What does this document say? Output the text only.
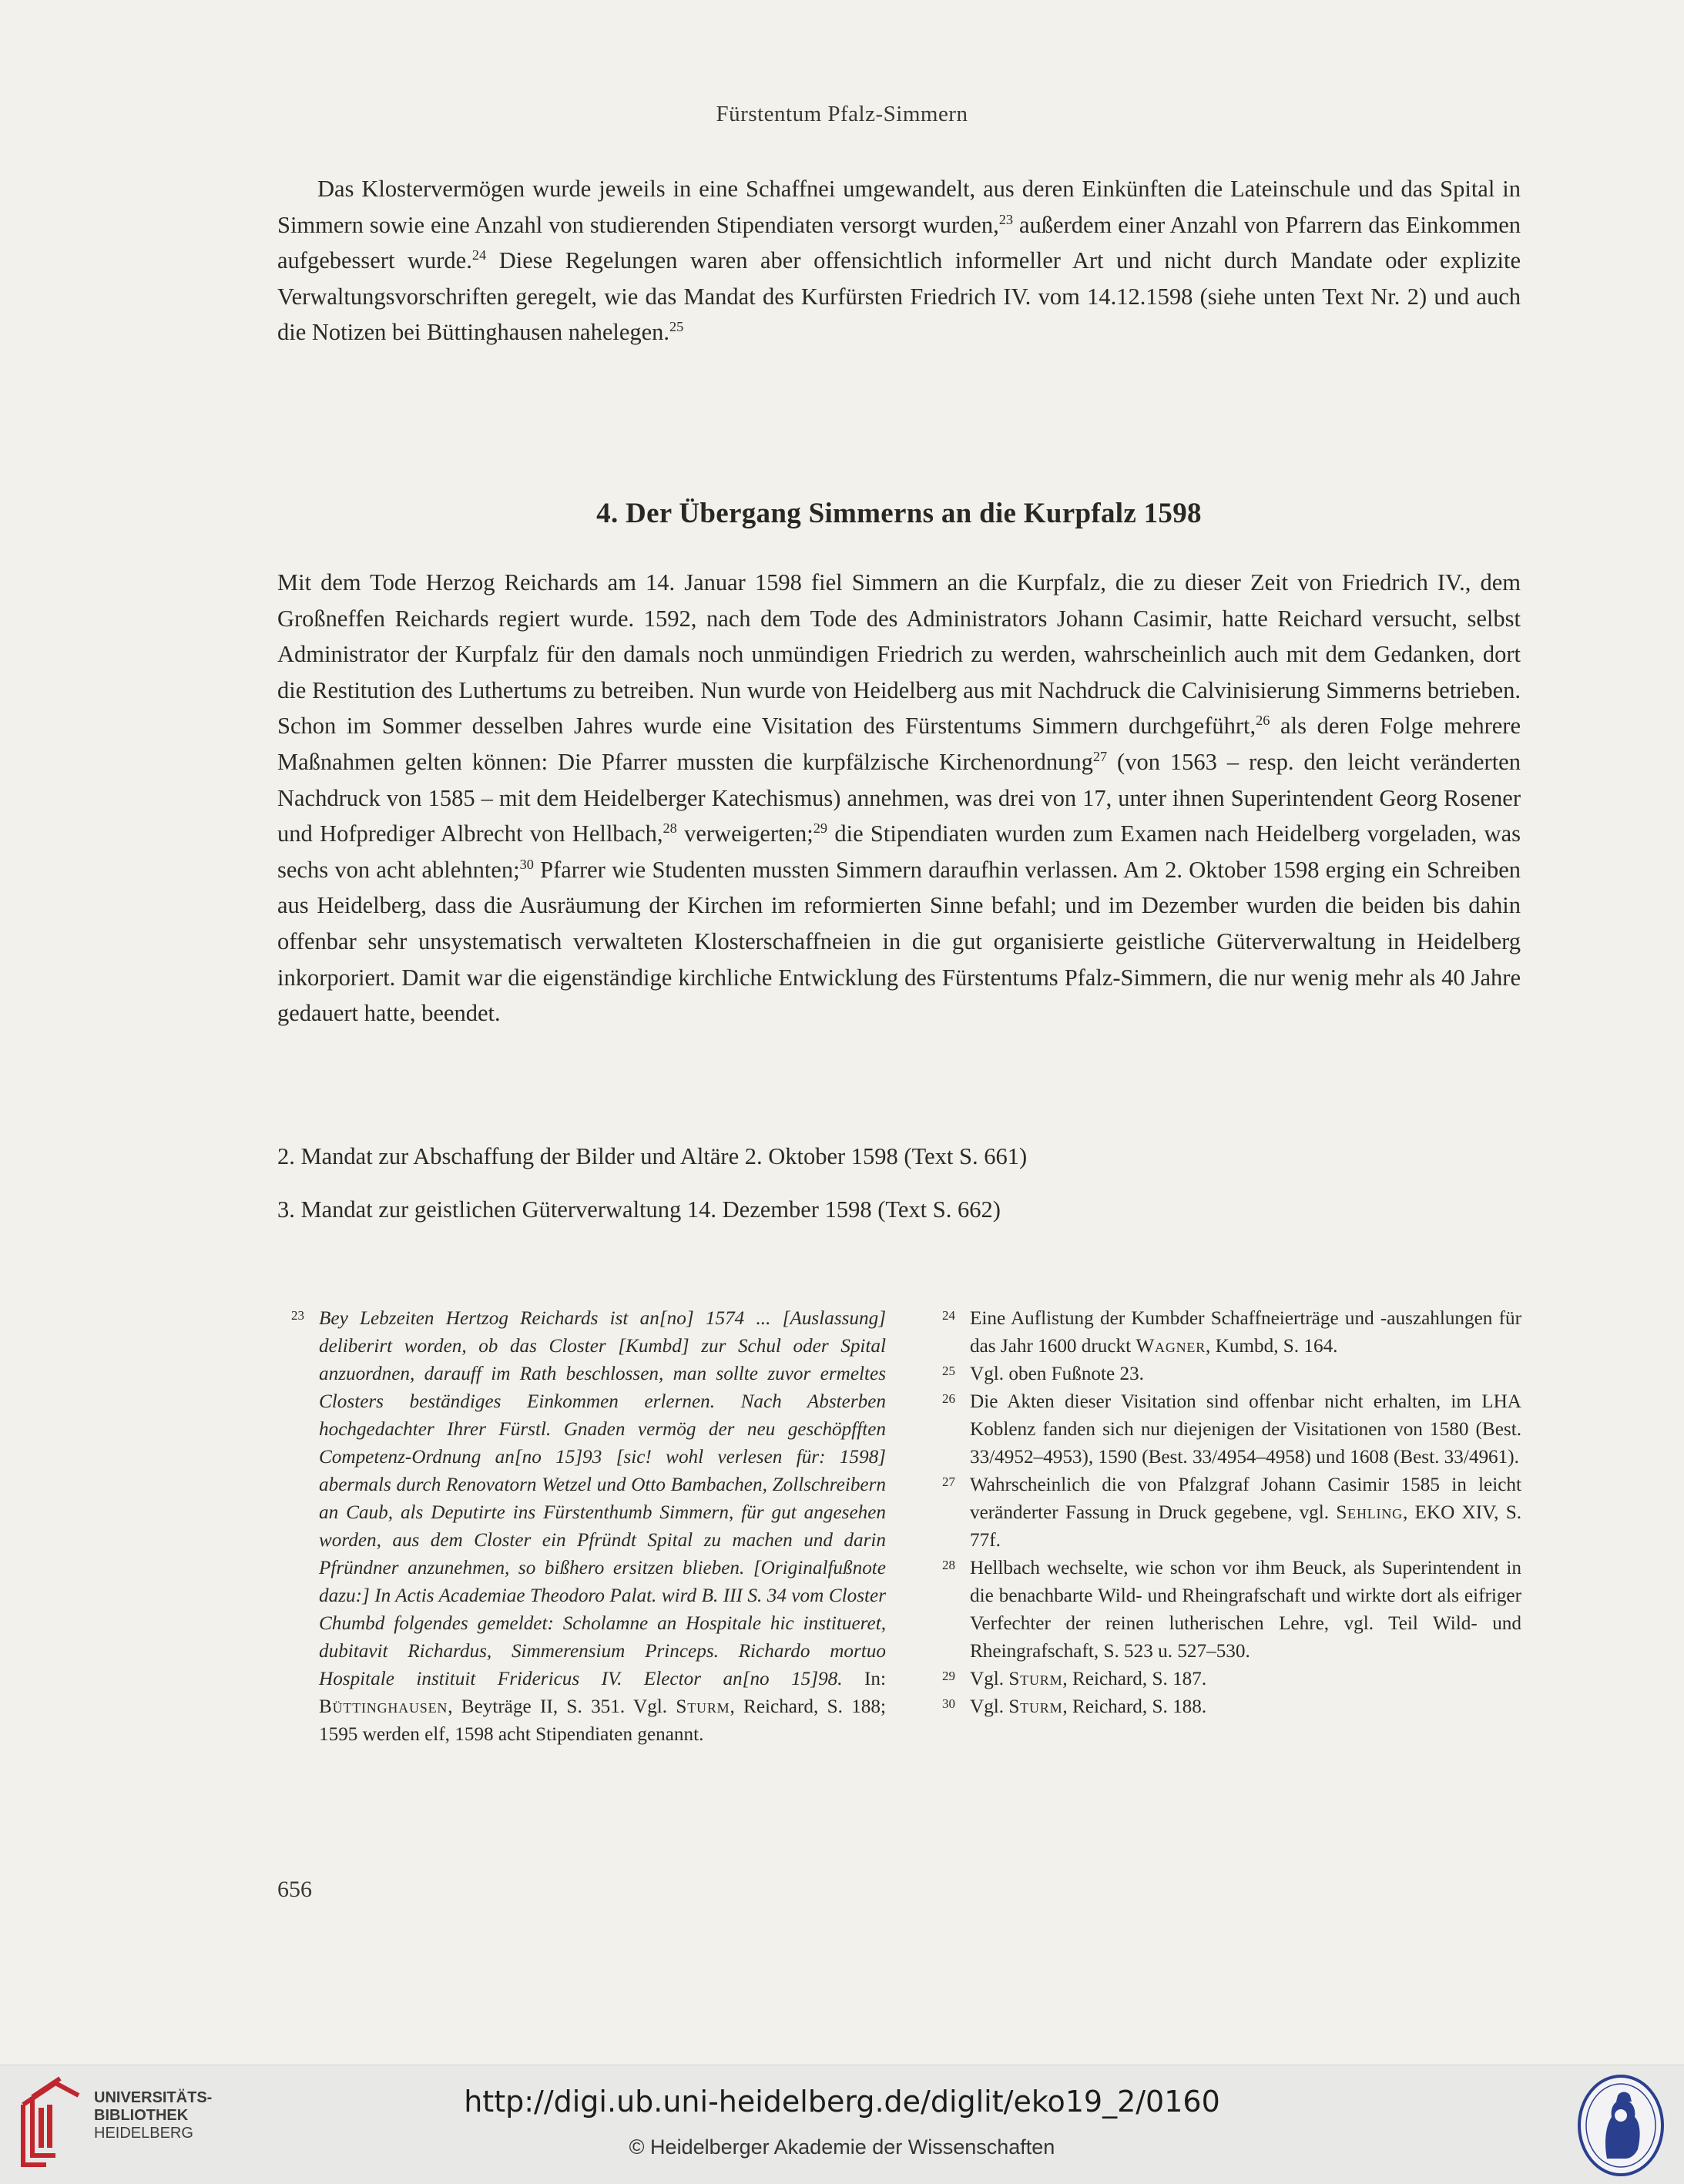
Fürstentum Pfalz-Simmern

Das Klostervermögen wurde jeweils in eine Schaffnei umgewandelt, aus deren Einkünften die Lateinschule und das Spital in Simmern sowie eine Anzahl von studierenden Stipendiaten versorgt wurden,$^{23}$ außerdem einer Anzahl von Pfarrern das Einkommen aufgebessert wurde.$^{24}$ Diese Regelungen waren aber offensichtlich informeller Art und nicht durch Mandate oder explizite Verwaltungsvorschriften geregelt, wie das Mandat des Kurfürsten Friedrich IV. vom 14.12.1598 (siehe unten Text Nr. 2) und auch die Notizen bei Büttinghausen nahelegen.$^{25}$

4. Der Übergang Simmerns an die Kurpfalz 1598

Mit dem Tode Herzog Reichards am 14. Januar 1598 fiel Simmern an die Kurpfalz, die zu dieser Zeit von Friedrich IV., dem Großneffen Reichards regiert wurde. 1592, nach dem Tode des Administrators Johann Casimir, hatte Reichard versucht, selbst Administrator der Kurpfalz für den damals noch unmündigen Friedrich zu werden, wahrscheinlich auch mit dem Gedanken, dort die Restitution des Luthertums zu betreiben. Nun wurde von Heidelberg aus mit Nachdruck die Calvinisierung Simmerns betrieben. Schon im Sommer desselben Jahres wurde eine Visitation des Fürstentums Simmern durchgeführt,$^{26}$ als deren Folge mehrere Maßnahmen gelten können: Die Pfarrer mussten die kurpfälzische Kirchenordnung$^{27}$ (von 1563 – resp. den leicht veränderten Nachdruck von 1585 – mit dem Heidelberger Katechismus) annehmen, was drei von 17, unter ihnen Superintendent Georg Rosener und Hofprediger Albrecht von Hellbach,$^{28}$ verweigerten;$^{29}$ die Stipendiaten wurden zum Examen nach Heidelberg vorgeladen, was sechs von acht ablehnten;$^{30}$ Pfarrer wie Studenten mussten Simmern daraufhin verlassen. Am 2. Oktober 1598 erging ein Schreiben aus Heidelberg, dass die Ausräumung der Kirchen im reformierten Sinne befahl; und im Dezember wurden die beiden bis dahin offenbar sehr unsystematisch verwalteten Klosterschaffneien in die gut organisierte geistliche Güterverwaltung in Heidelberg inkorporiert. Damit war die eigenständige kirchliche Entwicklung des Fürstentums Pfalz-Simmern, die nur wenig mehr als 40 Jahre gedauert hatte, beendet.

2. Mandat zur Abschaffung der Bilder und Altäre 2. Oktober 1598 (Text S. 661)

3. Mandat zur geistlichen Güterverwaltung 14. Dezember 1598 (Text S. 662)

23 Bey Lebzeiten Hertzog Reichards ist an[no] 1574 ... [Auslassung] deliberirt worden, ob das Closter [Kumbd] zur Schul oder Spital anzuordnen, darauff im Rath beschlossen, man sollte zuvor ermeltes Closters beständiges Einkommen erlernen. Nach Absterben hochgedachter Ihrer Fürstl. Gnaden vermög der neu geschöpfften Competenz-Ordnung an[no 15]93 [sic! wohl verlesen für: 1598] abermals durch Renovatorn Wetzel und Otto Bambachen, Zollschreibern an Caub, als Deputirte ins Fürstenthumb Simmern, für gut angesehen worden, aus dem Closter ein Pfründt Spital zu machen und darin Pfründner anzunehmen, so bißhero ersitzen blieben. [Originalfußnote dazu:] In Actis Academiae Theodoro Palat. wird B. III S. 34 vom Closter Chumbd folgendes gemeldet: Scholamne an Hospitale hic institueret, dubitavit Richardus, Simmerensium Princeps. Richardo mortuo Hospitale instituit Fridericus IV. Elector an[no 15]98. In: Büttinghausen, Beyträge II, S. 351. Vgl. Sturm, Reichard, S. 188; 1595 werden elf, 1598 acht Stipendiaten genannt.

24 Eine Auflistung der Kumbder Schaffneierträge und -auszahlungen für das Jahr 1600 druckt Wagner, Kumbd, S. 164.

25 Vgl. oben Fußnote 23.

26 Die Akten dieser Visitation sind offenbar nicht erhalten, im LHA Koblenz fanden sich nur diejenigen der Visitationen von 1580 (Best. 33/4952–4953), 1590 (Best. 33/4954–4958) und 1608 (Best. 33/4961).

27 Wahrscheinlich die von Pfalzgraf Johann Casimir 1585 in leicht veränderter Fassung in Druck gegebene, vgl. Sehling, EKO XIV, S. 77f.

28 Hellbach wechselte, wie schon vor ihm Beuck, als Superintendent in die benachbarte Wild- und Rheingrafschaft und wirkte dort als eifriger Verfechter der reinen lutherischen Lehre, vgl. Teil Wild- und Rheingrafschaft, S. 523 u. 527–530.

29 Vgl. Sturm, Reichard, S. 187.

30 Vgl. Sturm, Reichard, S. 188.

656
UNIVERSITÄTS-
BIBLIOTHEK
HEIDELBERG
http://digi.ub.uni-heidelberg.de/diglit/eko19_2/0160
© Heidelberger Akademie der Wissenschaften
